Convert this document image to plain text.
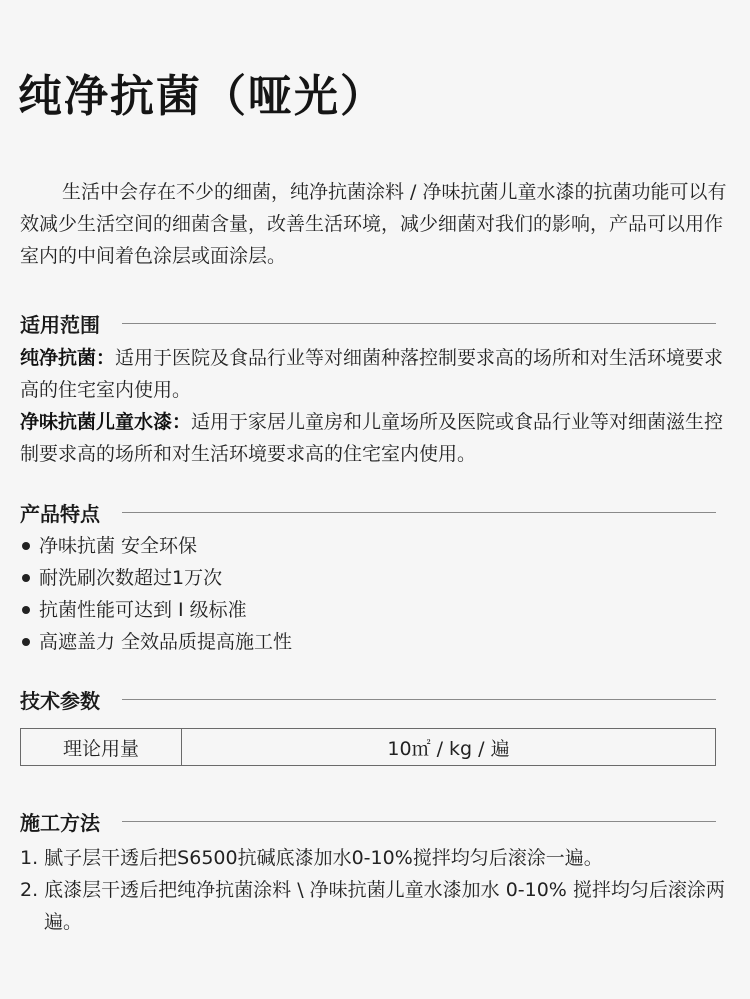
纯净抗菌（哑光）
生活中会存在不少的细菌，纯净抗菌涂料 / 净味抗菌儿童水漆的抗菌功能可以有效减少生活空间的细菌含量，改善生活环境，减少细菌对我们的影响，产品可以用作室内的中间着色涂层或面涂层。
适用范围
纯净抗菌：适用于医院及食品行业等对细菌种落控制要求高的场所和对生活环境要求高的住宅室内使用。
净味抗菌儿童水漆：适用于家居儿童房和儿童场所及医院或食品行业等对细菌滋生控制要求高的场所和对生活环境要求高的住宅室内使用。
产品特点
净味抗菌 安全环保
耐洗刷次数超过1万次
抗菌性能可达到 Ⅰ 级标准
高遮盖力 全效品质提高施工性
技术参数
理论用量	10㎡ / kg / 遍
施工方法
1. 腻子层干透后把S6500抗碱底漆加水0-10%搅拌均匀后滚涂一遍。
2. 底漆层干透后把纯净抗菌涂料 \ 净味抗菌儿童水漆加水 0-10% 搅拌均匀后滚涂两遍。
